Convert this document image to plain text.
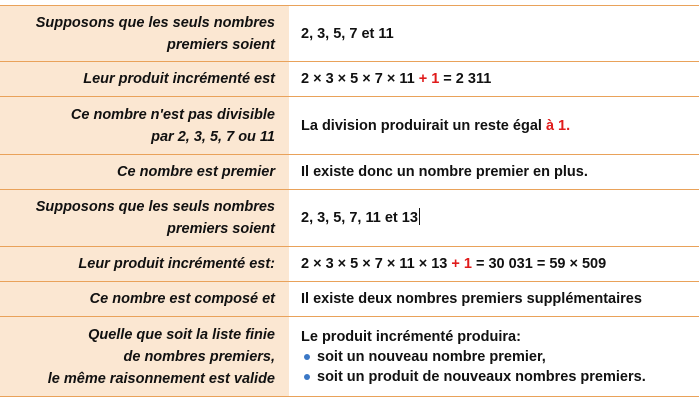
Supposons que les seuls nombres
premiers soient
2, 3, 5, 7 et 11
Leur produit incrémenté est 2 × 3 × 5 × 7 × 11 + 1 = 2 311
Ce nombre n'est pas divisible
par 2, 3, 5, 7 ou 11
La division produirait un reste égal à 1.
Ce nombre est premier Il existe donc un nombre premier en plus.
Supposons que les seuls nombres
premiers soient
2, 3, 5, 7, 11 et 13
Leur produit incrémenté est: 2 × 3 × 5 × 7 × 11 × 13 + 1 = 30 031 = 59 × 509
Ce nombre est composé et Il existe deux nombres premiers supplémentaires
Quelle que soit la liste finie
de nombres premiers,
le même raisonnement est valide
Le produit incrémenté produira:
soit un nouveau nombre premier,
soit un produit de nouveaux nombres premiers.
